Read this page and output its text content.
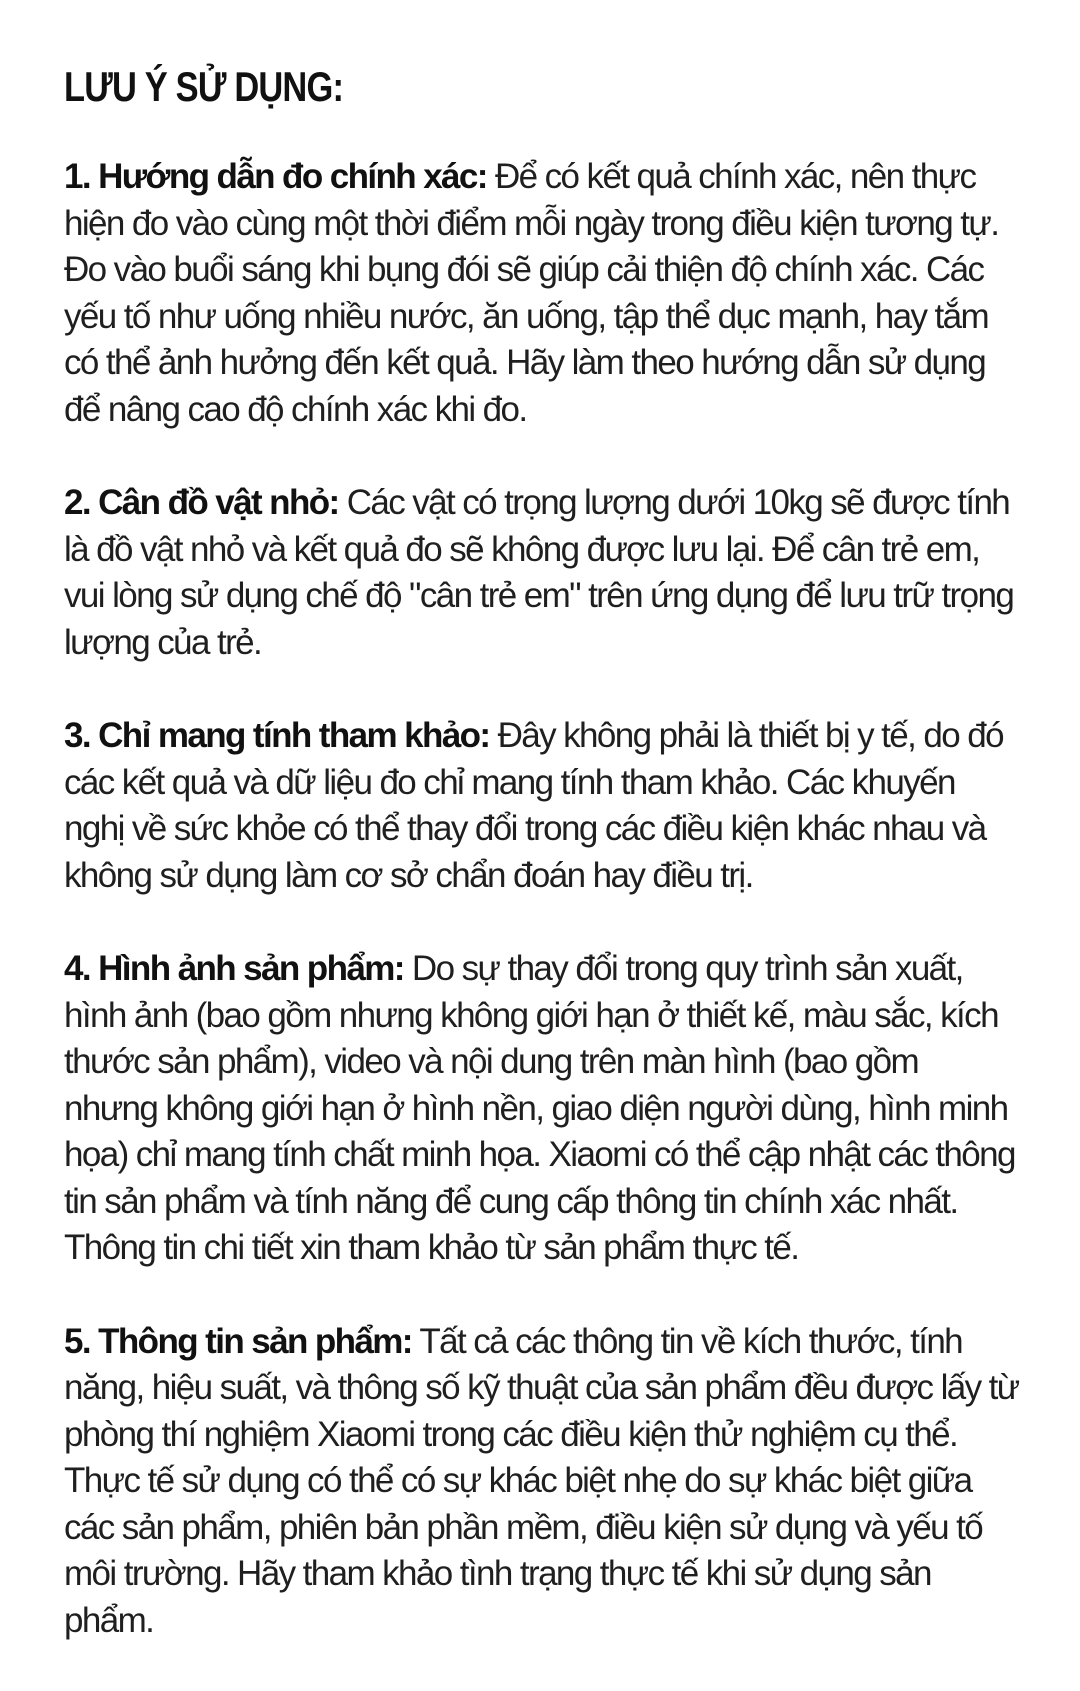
LƯU Ý SỬ DỤNG:

1. Hướng dẫn đo chính xác: Để có kết quả chính xác, nên thực hiện đo vào cùng một thời điểm mỗi ngày trong điều kiện tương tự. Đo vào buổi sáng khi bụng đói sẽ giúp cải thiện độ chính xác. Các yếu tố như uống nhiều nước, ăn uống, tập thể dục mạnh, hay tắm có thể ảnh hưởng đến kết quả. Hãy làm theo hướng dẫn sử dụng để nâng cao độ chính xác khi đo.

2. Cân đồ vật nhỏ: Các vật có trọng lượng dưới 10kg sẽ được tính là đồ vật nhỏ và kết quả đo sẽ không được lưu lại. Để cân trẻ em, vui lòng sử dụng chế độ "cân trẻ em" trên ứng dụng để lưu trữ trọng lượng của trẻ.

3. Chỉ mang tính tham khảo: Đây không phải là thiết bị y tế, do đó các kết quả và dữ liệu đo chỉ mang tính tham khảo. Các khuyến nghị về sức khỏe có thể thay đổi trong các điều kiện khác nhau và không sử dụng làm cơ sở chẩn đoán hay điều trị.

4. Hình ảnh sản phẩm: Do sự thay đổi trong quy trình sản xuất, hình ảnh (bao gồm nhưng không giới hạn ở thiết kế, màu sắc, kích thước sản phẩm), video và nội dung trên màn hình (bao gồm nhưng không giới hạn ở hình nền, giao diện người dùng, hình minh họa) chỉ mang tính chất minh họa. Xiaomi có thể cập nhật các thông tin sản phẩm và tính năng để cung cấp thông tin chính xác nhất. Thông tin chi tiết xin tham khảo từ sản phẩm thực tế.

5. Thông tin sản phẩm: Tất cả các thông tin về kích thước, tính năng, hiệu suất, và thông số kỹ thuật của sản phẩm đều được lấy từ phòng thí nghiệm Xiaomi trong các điều kiện thử nghiệm cụ thể. Thực tế sử dụng có thể có sự khác biệt nhẹ do sự khác biệt giữa các sản phẩm, phiên bản phần mềm, điều kiện sử dụng và yếu tố môi trường. Hãy tham khảo tình trạng thực tế khi sử dụng sản phẩm.
